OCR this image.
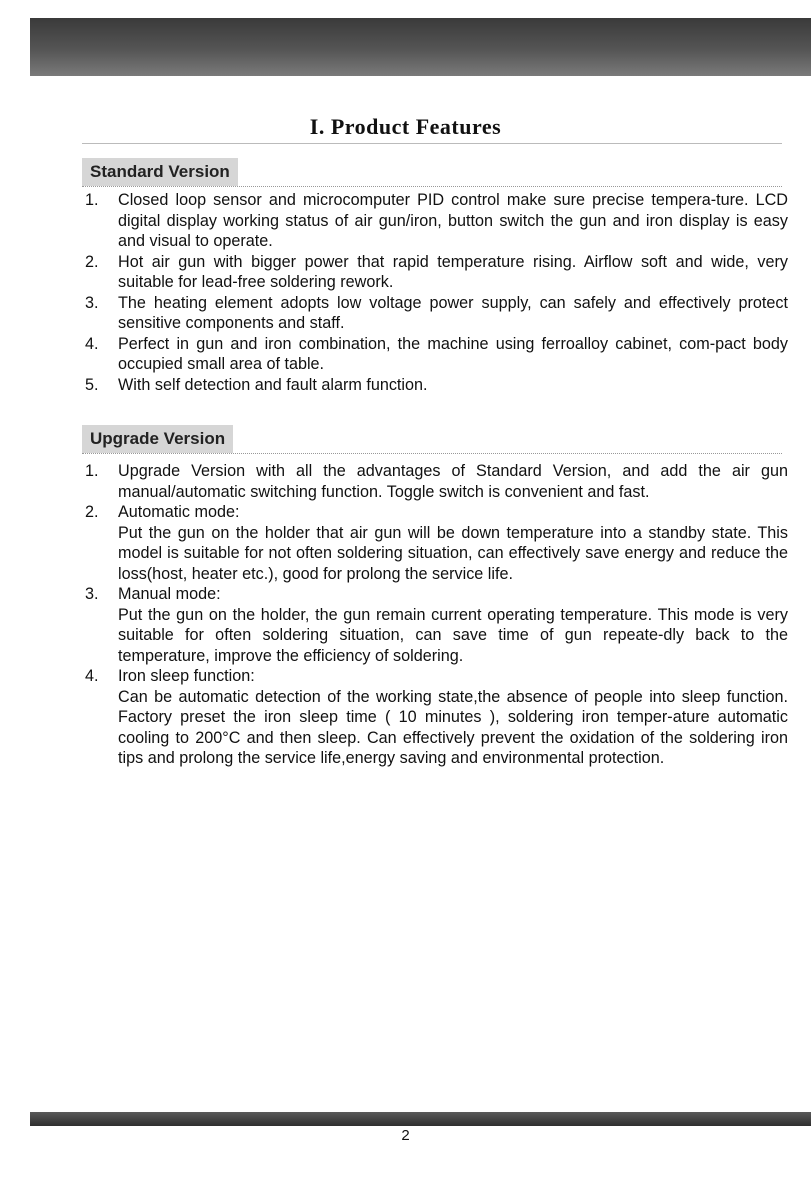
I. Product Features
Standard Version
1. Closed loop sensor and microcomputer PID control make sure precise tempera-ture. LCD digital display working status of air gun/iron, button switch the gun and iron display is easy and visual to operate.
2. Hot air gun with bigger power that rapid temperature rising. Airflow soft and wide, very suitable for lead-free soldering rework.
3. The heating element adopts low voltage power supply, can safely and effectively protect sensitive components and staff.
4. Perfect in gun and iron combination, the machine using ferroalloy cabinet, com-pact body occupied small area of table.
5. With self detection and fault alarm function.
Upgrade Version
1. Upgrade Version with all the advantages of Standard Version, and add the air gun manual/automatic switching function. Toggle switch is convenient and fast.
2. Automatic mode:
Put the gun on the holder that air gun will be down temperature into a standby state. This model is suitable for not often soldering situation, can effectively save energy and reduce the loss(host, heater etc.), good for prolong the service life.
3. Manual mode:
Put the gun on the holder, the gun remain current operating temperature. This mode is very suitable for often soldering situation, can save time of gun repeate-dly back to the temperature, improve the efficiency of soldering.
4. Iron sleep function:
Can be automatic detection of the working state,the absence of people into sleep function. Factory preset the iron sleep time ( 10 minutes ), soldering iron temper-ature automatic cooling to 200°C and then sleep. Can effectively prevent the oxidation of the soldering iron tips and prolong the service life,energy saving and environmental protection.
2
